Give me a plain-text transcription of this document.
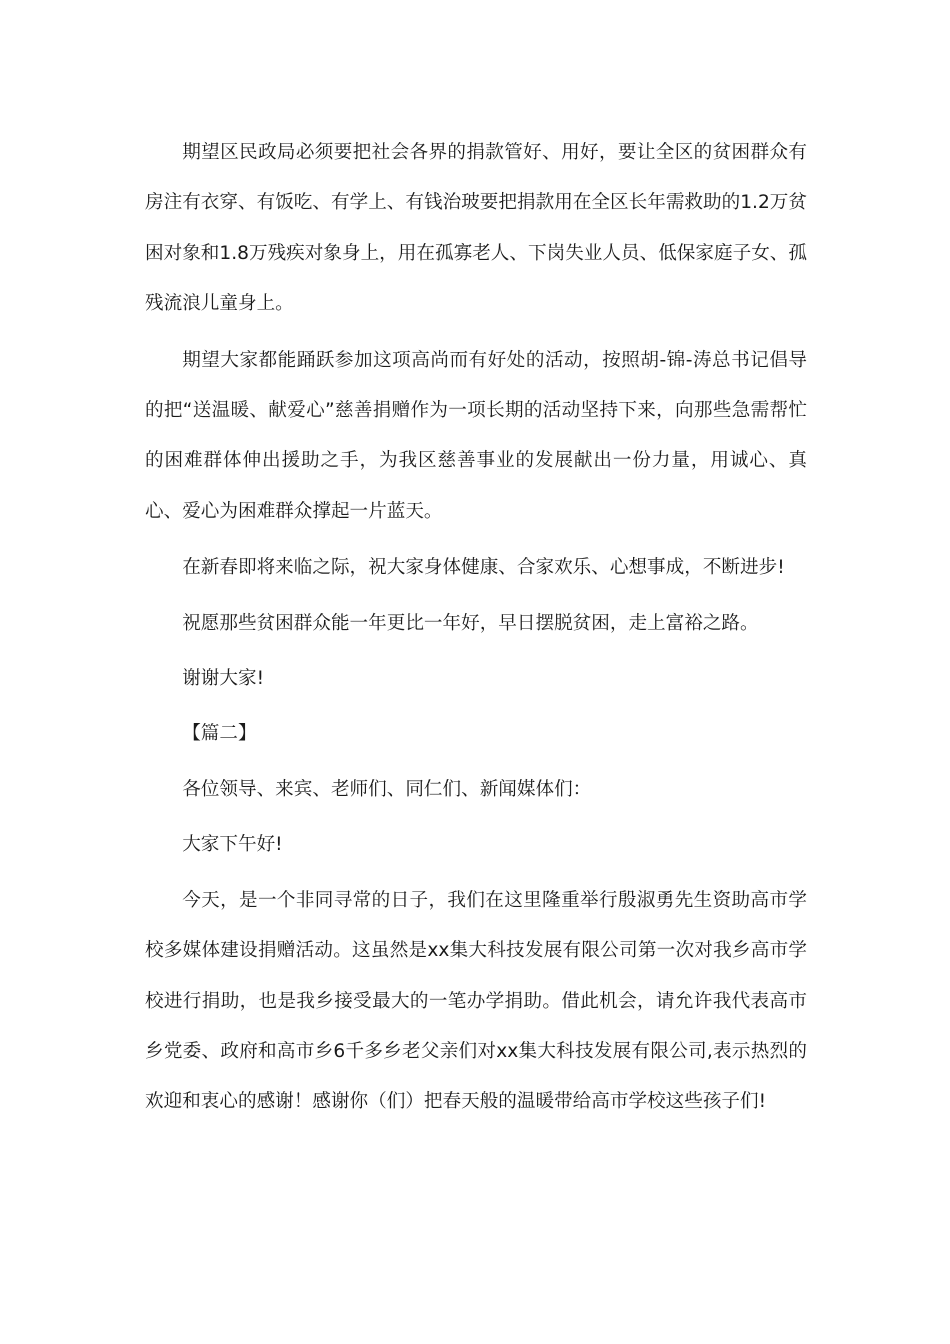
期望区民政局必须要把社会各界的捐款管好、用好，要让全区的贫困群众有房注有衣穿、有饭吃、有学上、有钱治玻要把捐款用在全区长年需救助的1.2万贫困对象和1.8万残疾对象身上，用在孤寡老人、下岗失业人员、低保家庭子女、孤残流浪儿童身上。

期望大家都能踊跃参加这项高尚而有好处的活动，按照胡-锦-涛总书记倡导的把“送温暖、献爱心”慈善捐赠作为一项长期的活动坚持下来，向那些急需帮忙的困难群体伸出援助之手，为我区慈善事业的发展献出一份力量，用诚心、真心、爱心为困难群众撑起一片蓝天。

在新春即将来临之际，祝大家身体健康、合家欢乐、心想事成，不断进步!

祝愿那些贫困群众能一年更比一年好，早日摆脱贫困，走上富裕之路。

谢谢大家!

【篇二】

各位领导、来宾、老师们、同仁们、新闻媒体们：

大家下午好!

今天，是一个非同寻常的日子，我们在这里隆重举行殷淑勇先生资助高市学校多媒体建设捐赠活动。这虽然是xx集大科技发展有限公司第一次对我乡高市学校进行捐助，也是我乡接受最大的一笔办学捐助。借此机会，请允许我代表高市乡党委、政府和高市乡6千多乡老父亲们对xx集大科技发展有限公司,表示热烈的欢迎和衷心的感谢！感谢你（们）把春天般的温暖带给高市学校这些孩子们!
